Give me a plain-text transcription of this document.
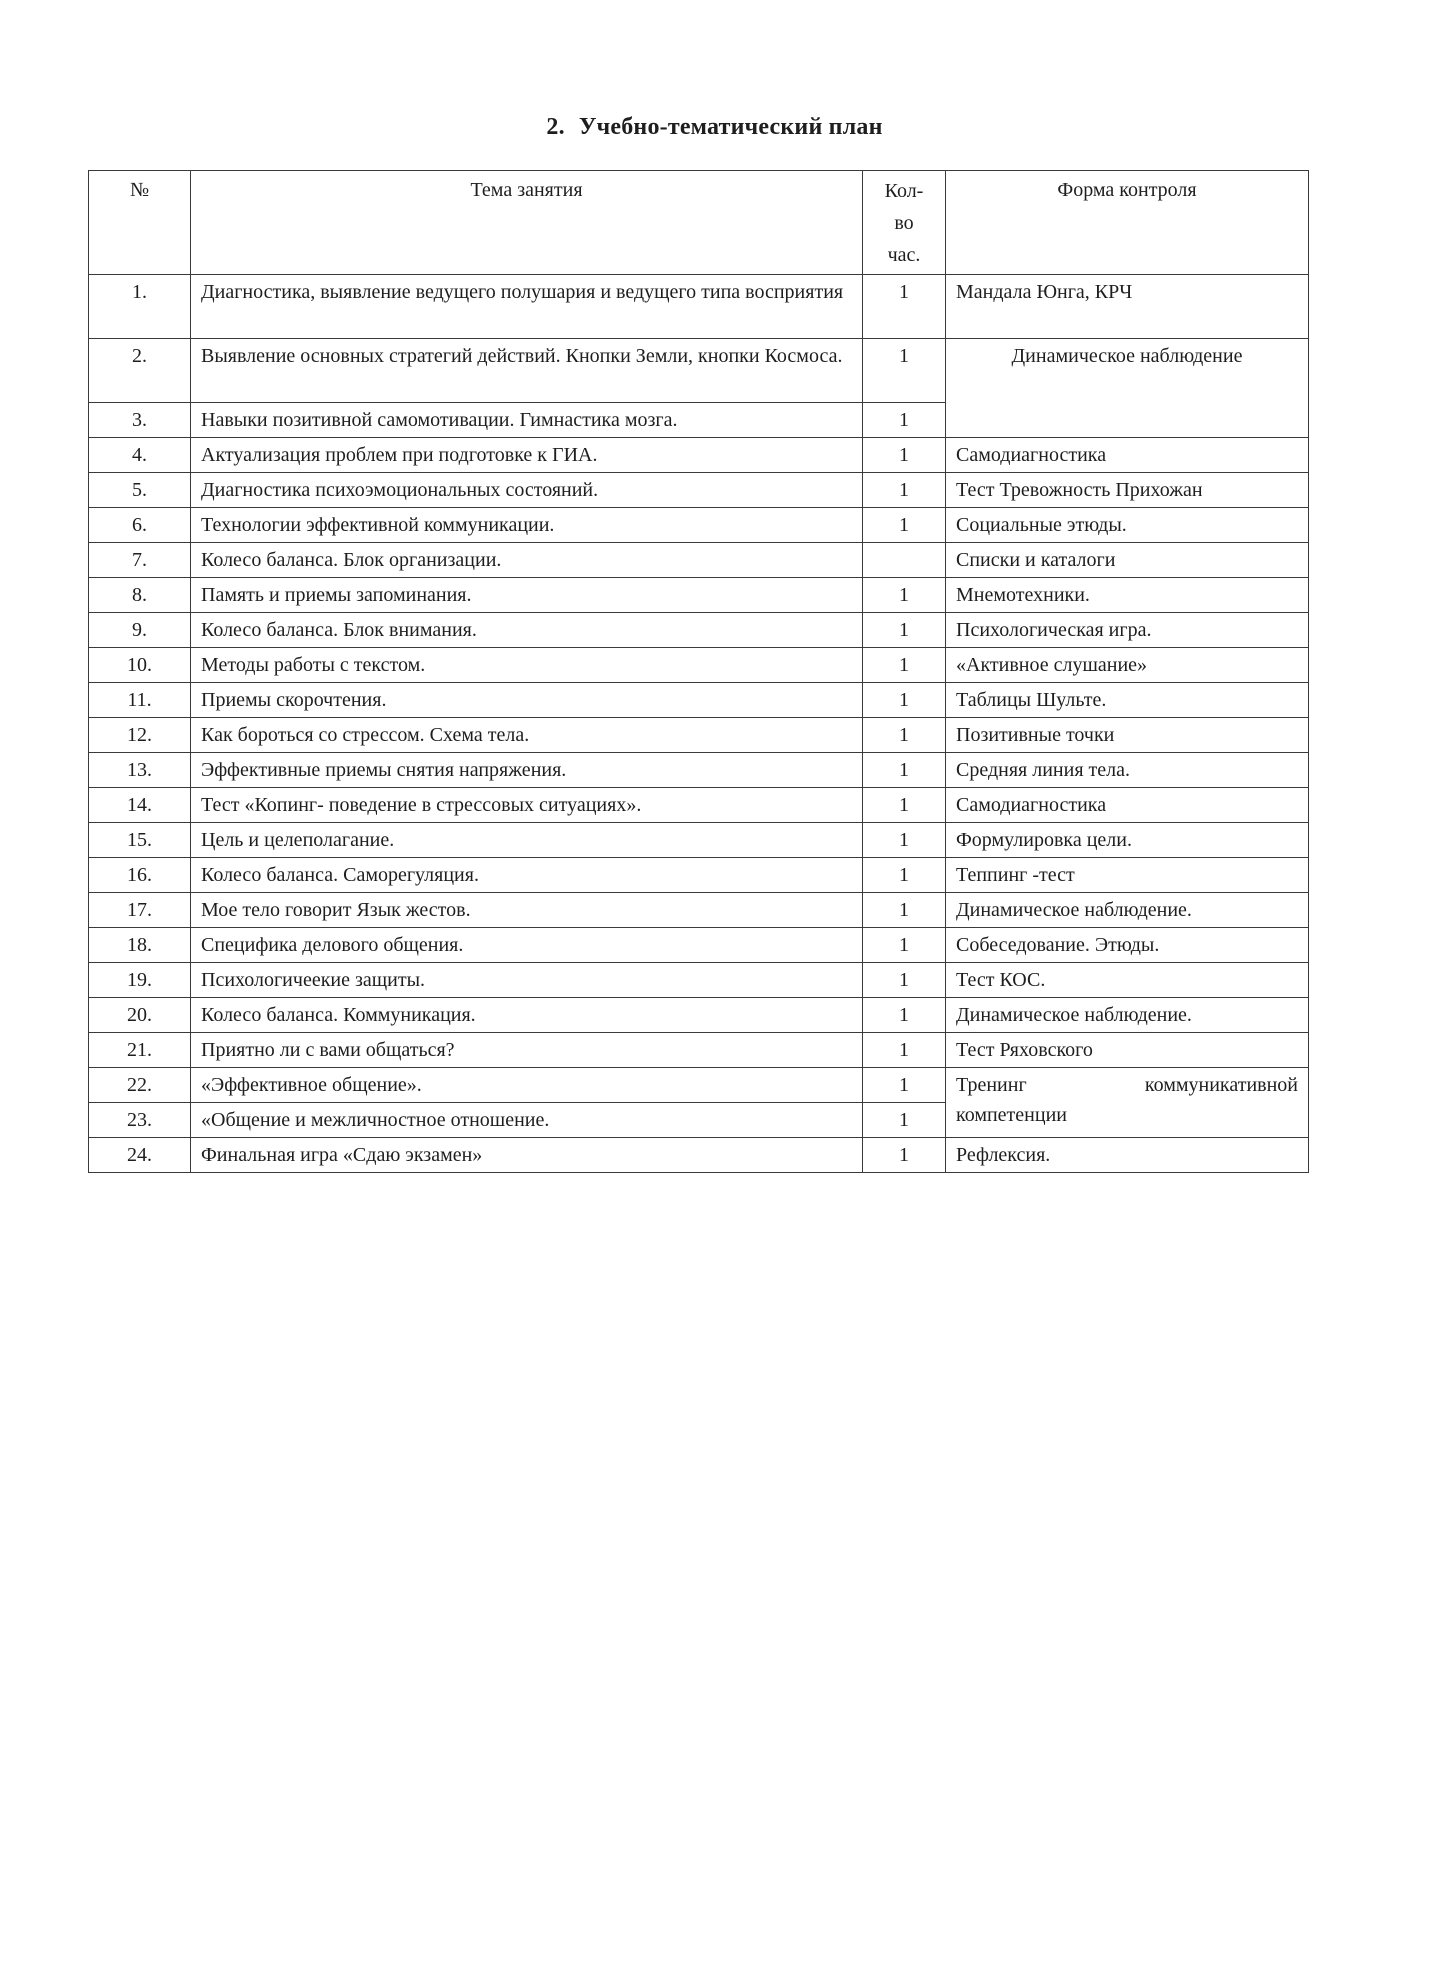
2. Учебно-тематический план
№	Тема занятия	Кол-
во
час.	Форма контроля
1.	Диагностика, выявление ведущего полушария и ведущего типа восприятия	1	Мандала Юнга, КРЧ
2.	Выявление основных стратегий действий. Кнопки Земли, кнопки Космоса.	1	Динамическое наблюдение
3.	Навыки позитивной самомотивации. Гимнастика мозга.	1	
4.	Актуализация проблем при подготовке к ГИА.	1	Самодиагностика
5.	Диагностика психоэмоциональных состояний.	1	Тест Тревожность Прихожан
6.	Технологии эффективной коммуникации.	1	Социальные этюды.
7.	Колесо баланса. Блок организации.		Списки и каталоги
8.	Память и приемы запоминания.	1	Мнемотехники.
9.	Колесо баланса. Блок внимания.	1	Психологическая игра.
10.	Методы работы с текстом.	1	«Активное слушание»
11.	Приемы скорочтения.	1	Таблицы Шульте.
12.	Как бороться со стрессом. Схема тела.	1	Позитивные точки
13.	Эффективные приемы снятия напряжения.	1	Средняя линия тела.
14.	Тест «Копинг- поведение в стрессовых ситуациях».	1	Самодиагностика
15.	Цель и целеполагание.	1	Формулировка цели.
16.	Колесо баланса. Саморегуляция.	1	Теппинг -тест
17.	Мое тело говорит Язык жестов.	1	Динамическое наблюдение.
18.	Специфика делового общения.	1	Собеседование. Этюды.
19.	Психологичеекие защиты.	1	Тест КОС.
20.	Колесо баланса. Коммуникация.	1	Динамическое наблюдение.
21.	Приятно ли с вами общаться?	1	Тест Ряховского
22.	«Эффективное общение».	1	Тренинг коммуникативной
компетенции

23.	«Общение и межличностное отношение.	1	
24.	Финальная игра «Сдаю экзамен»	1	Рефлексия.
